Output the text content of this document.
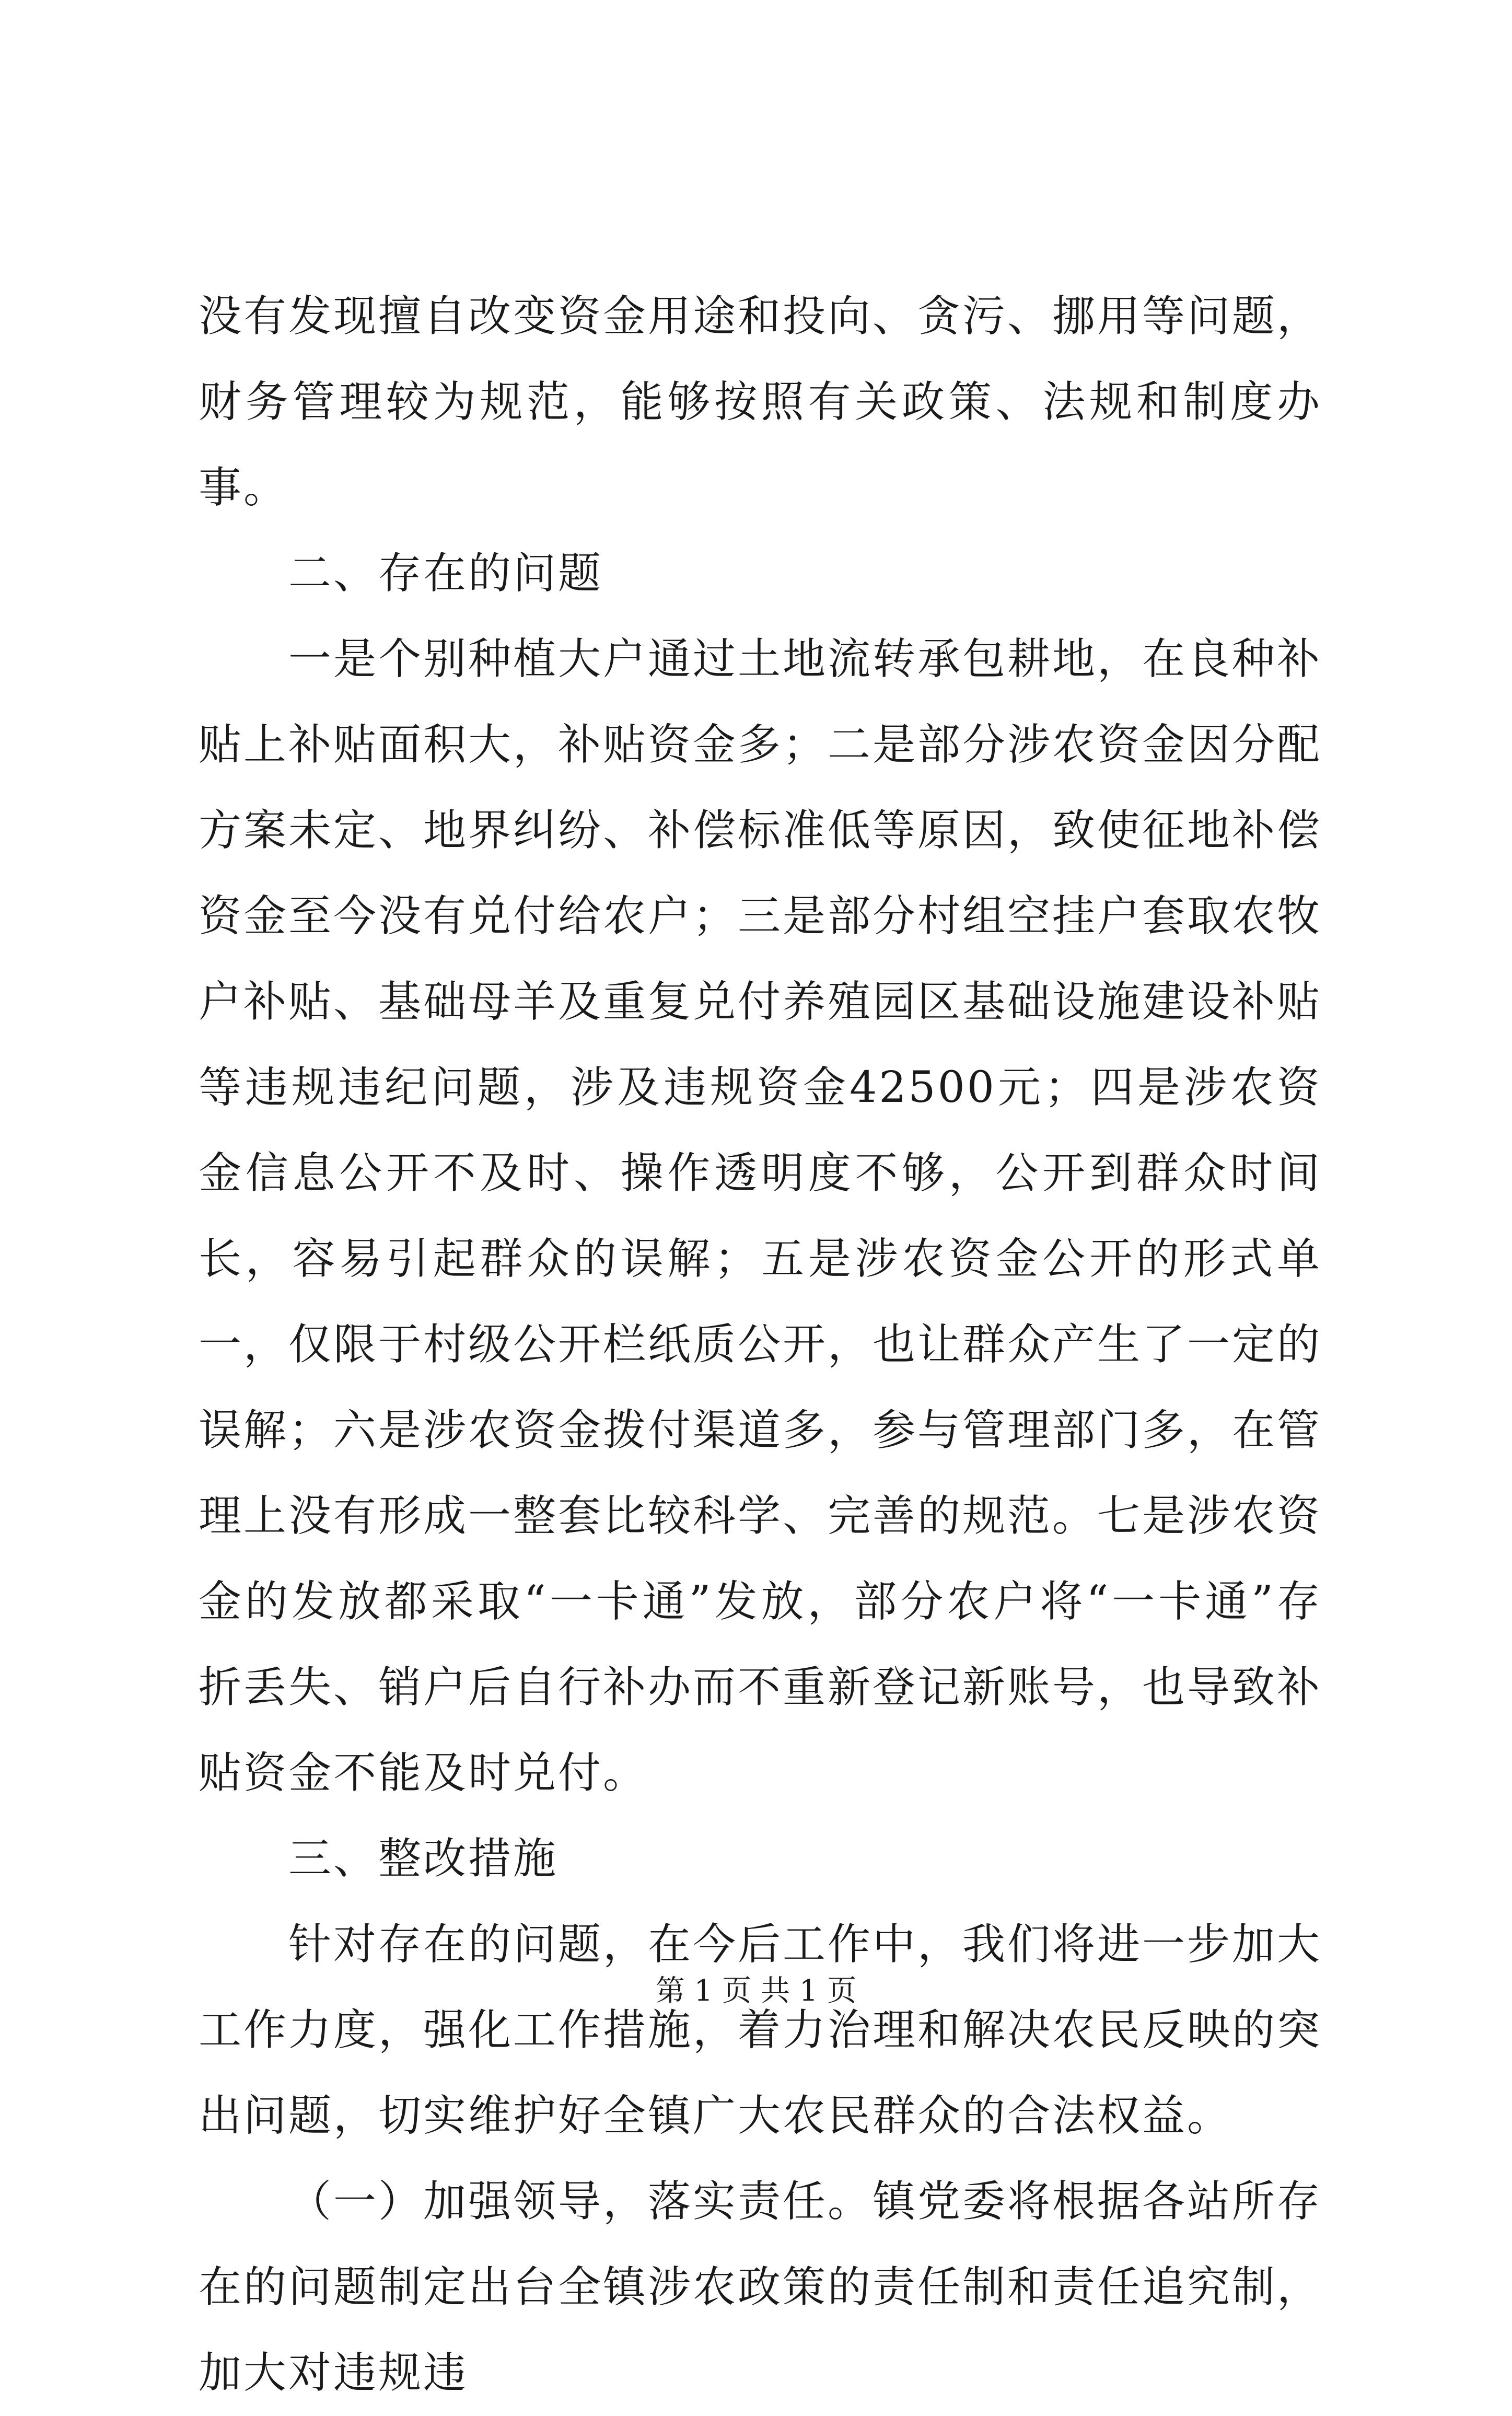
没有发现擅自改变资金用途和投向、贪污、挪用等问题，财务管理较为规范，能够按照有关政策、法规和制度办事。

二、存在的问题

一是个别种植大户通过土地流转承包耕地，在良种补贴上补贴面积大，补贴资金多；二是部分涉农资金因分配方案未定、地界纠纷、补偿标准低等原因，致使征地补偿资金至今没有兑付给农户；三是部分村组空挂户套取农牧户补贴、基础母羊及重复兑付养殖园区基础设施建设补贴等违规违纪问题，涉及违规资金42500元；四是涉农资金信息公开不及时、操作透明度不够，公开到群众时间长，容易引起群众的误解；五是涉农资金公开的形式单一，仅限于村级公开栏纸质公开，也让群众产生了一定的误解；六是涉农资金拨付渠道多，参与管理部门多，在管理上没有形成一整套比较科学、完善的规范。七是涉农资金的发放都采取“一卡通”发放，部分农户将“一卡通”存折丢失、销户后自行补办而不重新登记新账号，也导致补贴资金不能及时兑付。

三、整改措施

针对存在的问题，在今后工作中，我们将进一步加大工作力度，强化工作措施，着力治理和解决农民反映的突出问题，切实维护好全镇广大农民群众的合法权益。

（一）加强领导，落实责任。镇党委将根据各站所存在的问题制定出台全镇涉农政策的责任制和责任追究制，加大对违规违

第 1 页 共 1 页
